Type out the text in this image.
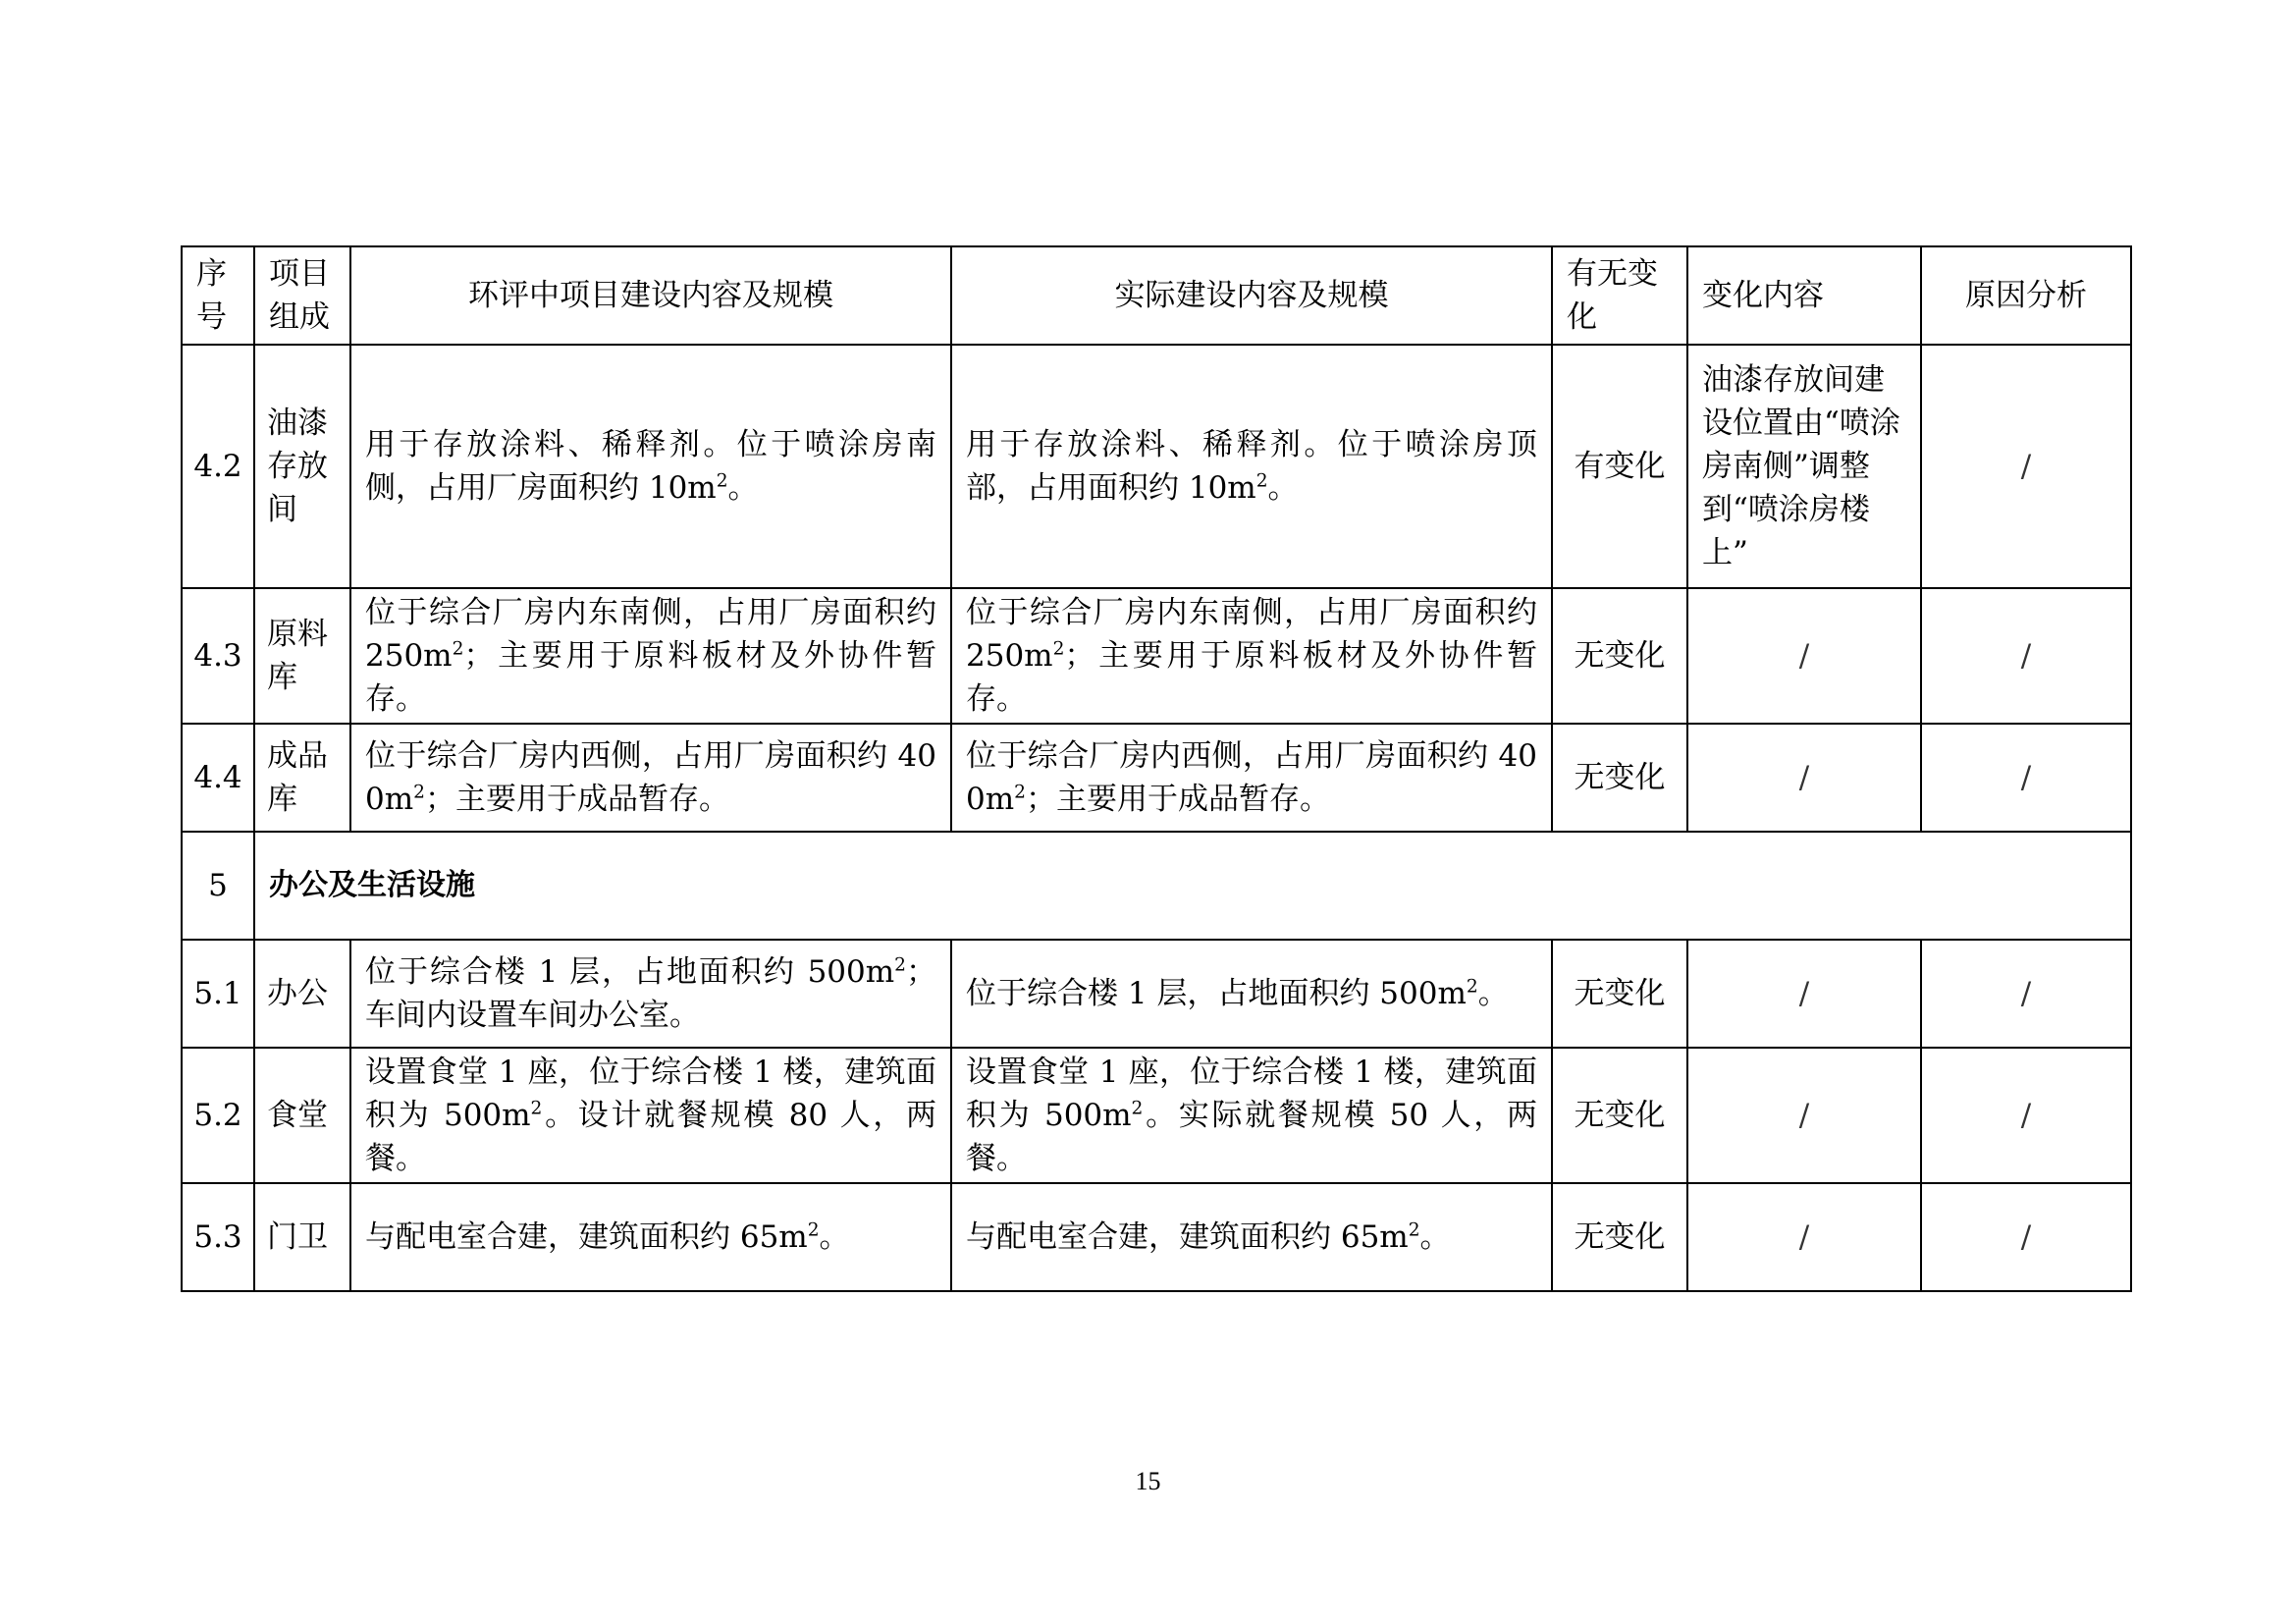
序号	项目组成	环评中项目建设内容及规模	实际建设内容及规模	有无变化	变化内容	原因分析
4.2	油漆存放间	用于存放涂料、稀释剂。位于喷涂房南侧，占用厂房面积约 $10m^2$。	用于存放涂料、稀释剂。位于喷涂房顶部，占用面积约 $10m^2$。	有变化	油漆存放间建设位置由“喷涂房南侧”调整到“喷涂房楼上”	/
4.3	原料库	位于综合厂房内东南侧，占用厂房面积约 $250m^2$；主要用于原料板材及外协件暂存。	位于综合厂房内东南侧，占用厂房面积约 $250m^2$；主要用于原料板材及外协件暂存。	无变化	/	/
4.4	成品库	位于综合厂房内西侧，占用厂房面积约 $400m^2$；主要用于成品暂存。	位于综合厂房内西侧，占用厂房面积约 $400m^2$；主要用于成品暂存。	无变化	/	/
5	办公及生活设施					
5.1	办公	位于综合楼 1 层，占地面积约 $500m^2$；车间内设置车间办公室。	位于综合楼 1 层，占地面积约 $500m^2$。	无变化	/	/
5.2	食堂	设置食堂 1 座，位于综合楼 1 楼，建筑面积为 $500m^2$。设计就餐规模 80 人，两餐。	设置食堂 1 座，位于综合楼 1 楼，建筑面积为 $500m^2$。实际就餐规模 50 人，两餐。	无变化	/	/
5.3	门卫	与配电室合建，建筑面积约 $65m^2$。	与配电室合建，建筑面积约 $65m^2$。	无变化	/	/
15
